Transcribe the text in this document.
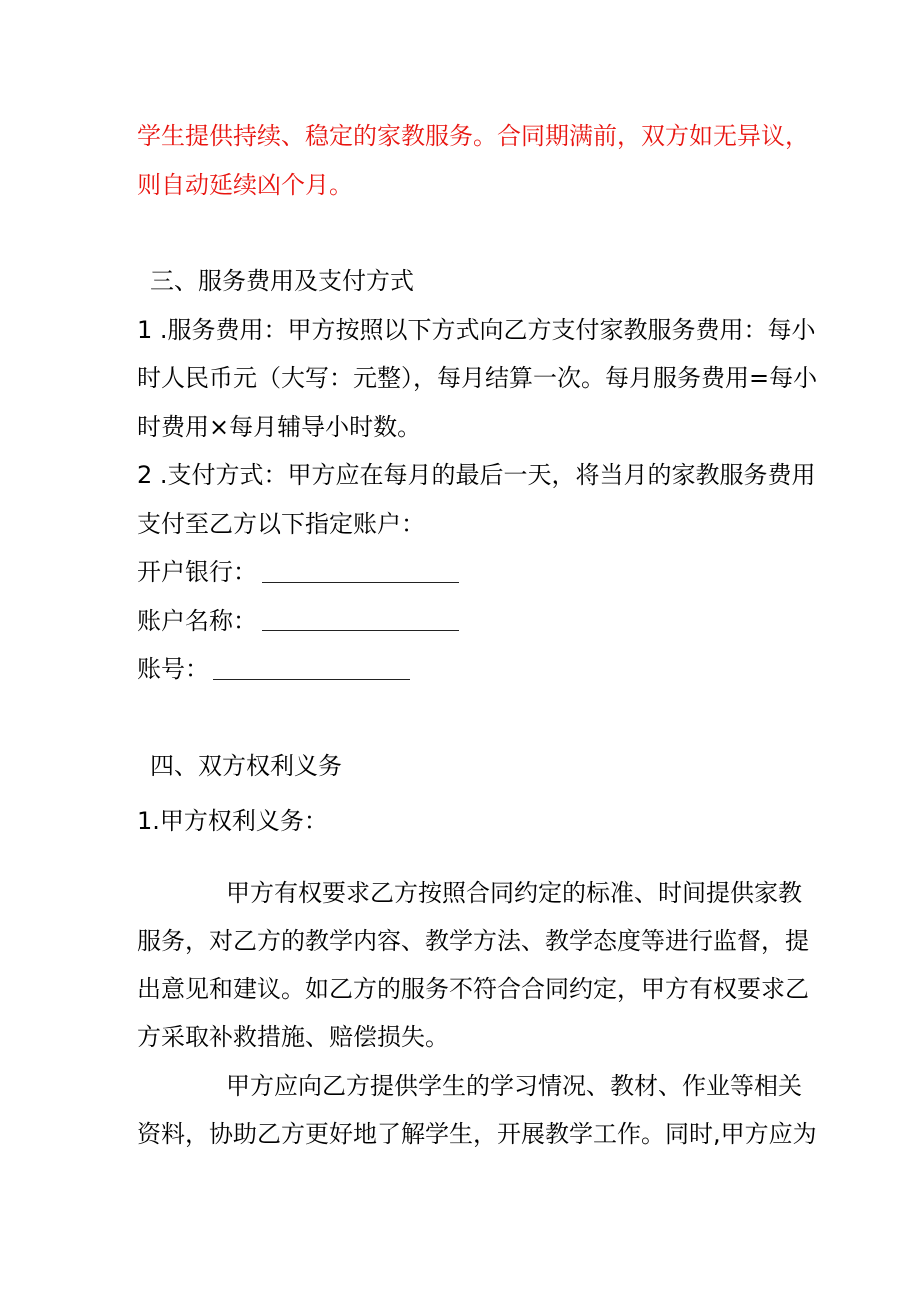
学生提供持续、稳定的家教服务。合同期满前，双方如无异议，
则自动延续凶个月。
三、服务费用及支付方式
1 .服务费用：甲方按照以下方式向乙方支付家教服务费用：每小
时人民币元（大写：元整），每月结算一次。每月服务费用=每小
时费用×每月辅导小时数。
2 .支付方式：甲方应在每月的最后一天，将当月的家教服务费用
支付至乙方以下指定账户：
开户银行：
账户名称：
账号：
四、双方权利义务
1.甲方权利义务：
甲方有权要求乙方按照合同约定的标准、时间提供家教
服务，对乙方的教学内容、教学方法、教学态度等进行监督，提
出意见和建议。如乙方的服务不符合合同约定，甲方有权要求乙
方采取补救措施、赔偿损失。
甲方应向乙方提供学生的学习情况、教材、作业等相关
资料，协助乙方更好地了解学生，开展教学工作。同时,甲方应为
